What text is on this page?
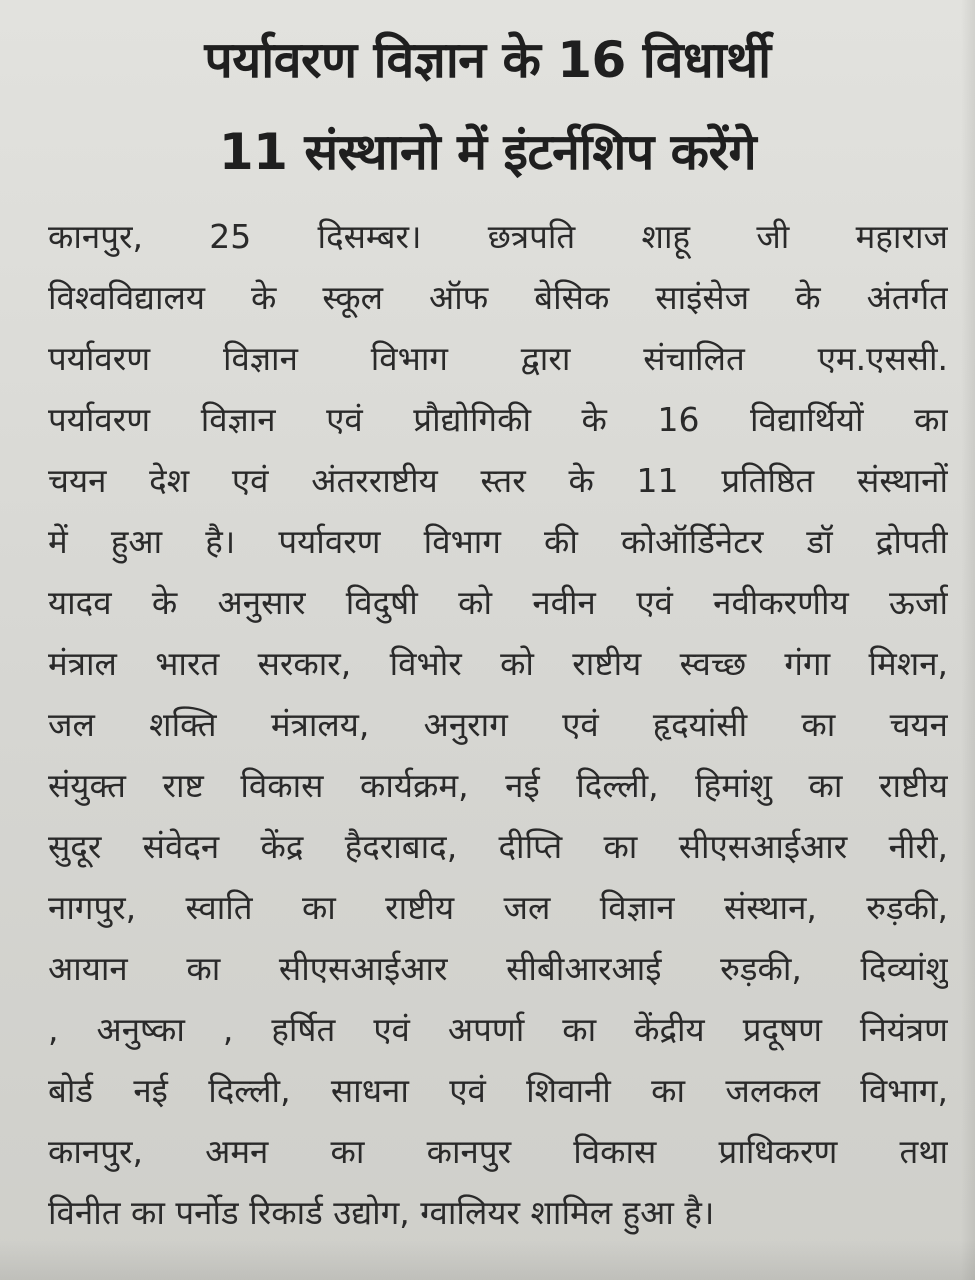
पर्यावरण विज्ञान के 16 विधार्थी
11 संस्थानो में इंटर्नशिप करेंगे
कानपुर, 25 दिसम्बर। छत्रपति शाहू जी महाराज
विश्वविद्यालय के स्कूल ऑफ बेसिक साइंसेज के अंतर्गत
पर्यावरण विज्ञान विभाग द्वारा संचालित एम.एससी.
पर्यावरण विज्ञान एवं प्रौद्योगिकी के 16 विद्यार्थियों का
चयन देश एवं अंतरराष्टीय स्तर के 11 प्रतिष्ठित संस्थानों
में हुआ है। पर्यावरण विभाग की कोऑर्डिनेटर डॉ द्रोपती
यादव के अनुसार विदुषी को नवीन एवं नवीकरणीय ऊर्जा
मंत्राल भारत सरकार, विभोर को राष्टीय स्वच्छ गंगा मिशन,
जल शक्ति मंत्रालय, अनुराग एवं हृदयांसी का चयन
संयुक्त राष्ट विकास कार्यक्रम, नई दिल्ली, हिमांशु का राष्टीय
सुदूर संवेदन केंद्र हैदराबाद, दीप्ति का सीएसआईआर नीरी,
नागपुर, स्वाति का राष्टीय जल विज्ञान संस्थान, रुड़की,
आयान का सीएसआईआर सीबीआरआई रुड़की, दिव्यांशु
, अनुष्का , हर्षित एवं अपर्णा का केंद्रीय प्रदूषण नियंत्रण
बोर्ड नई दिल्ली, साधना एवं शिवानी का जलकल विभाग,
कानपुर, अमन का कानपुर विकास प्राधिकरण तथा
विनीत का पर्नोड रिकार्ड उद्योग, ग्वालियर शामिल हुआ है।
